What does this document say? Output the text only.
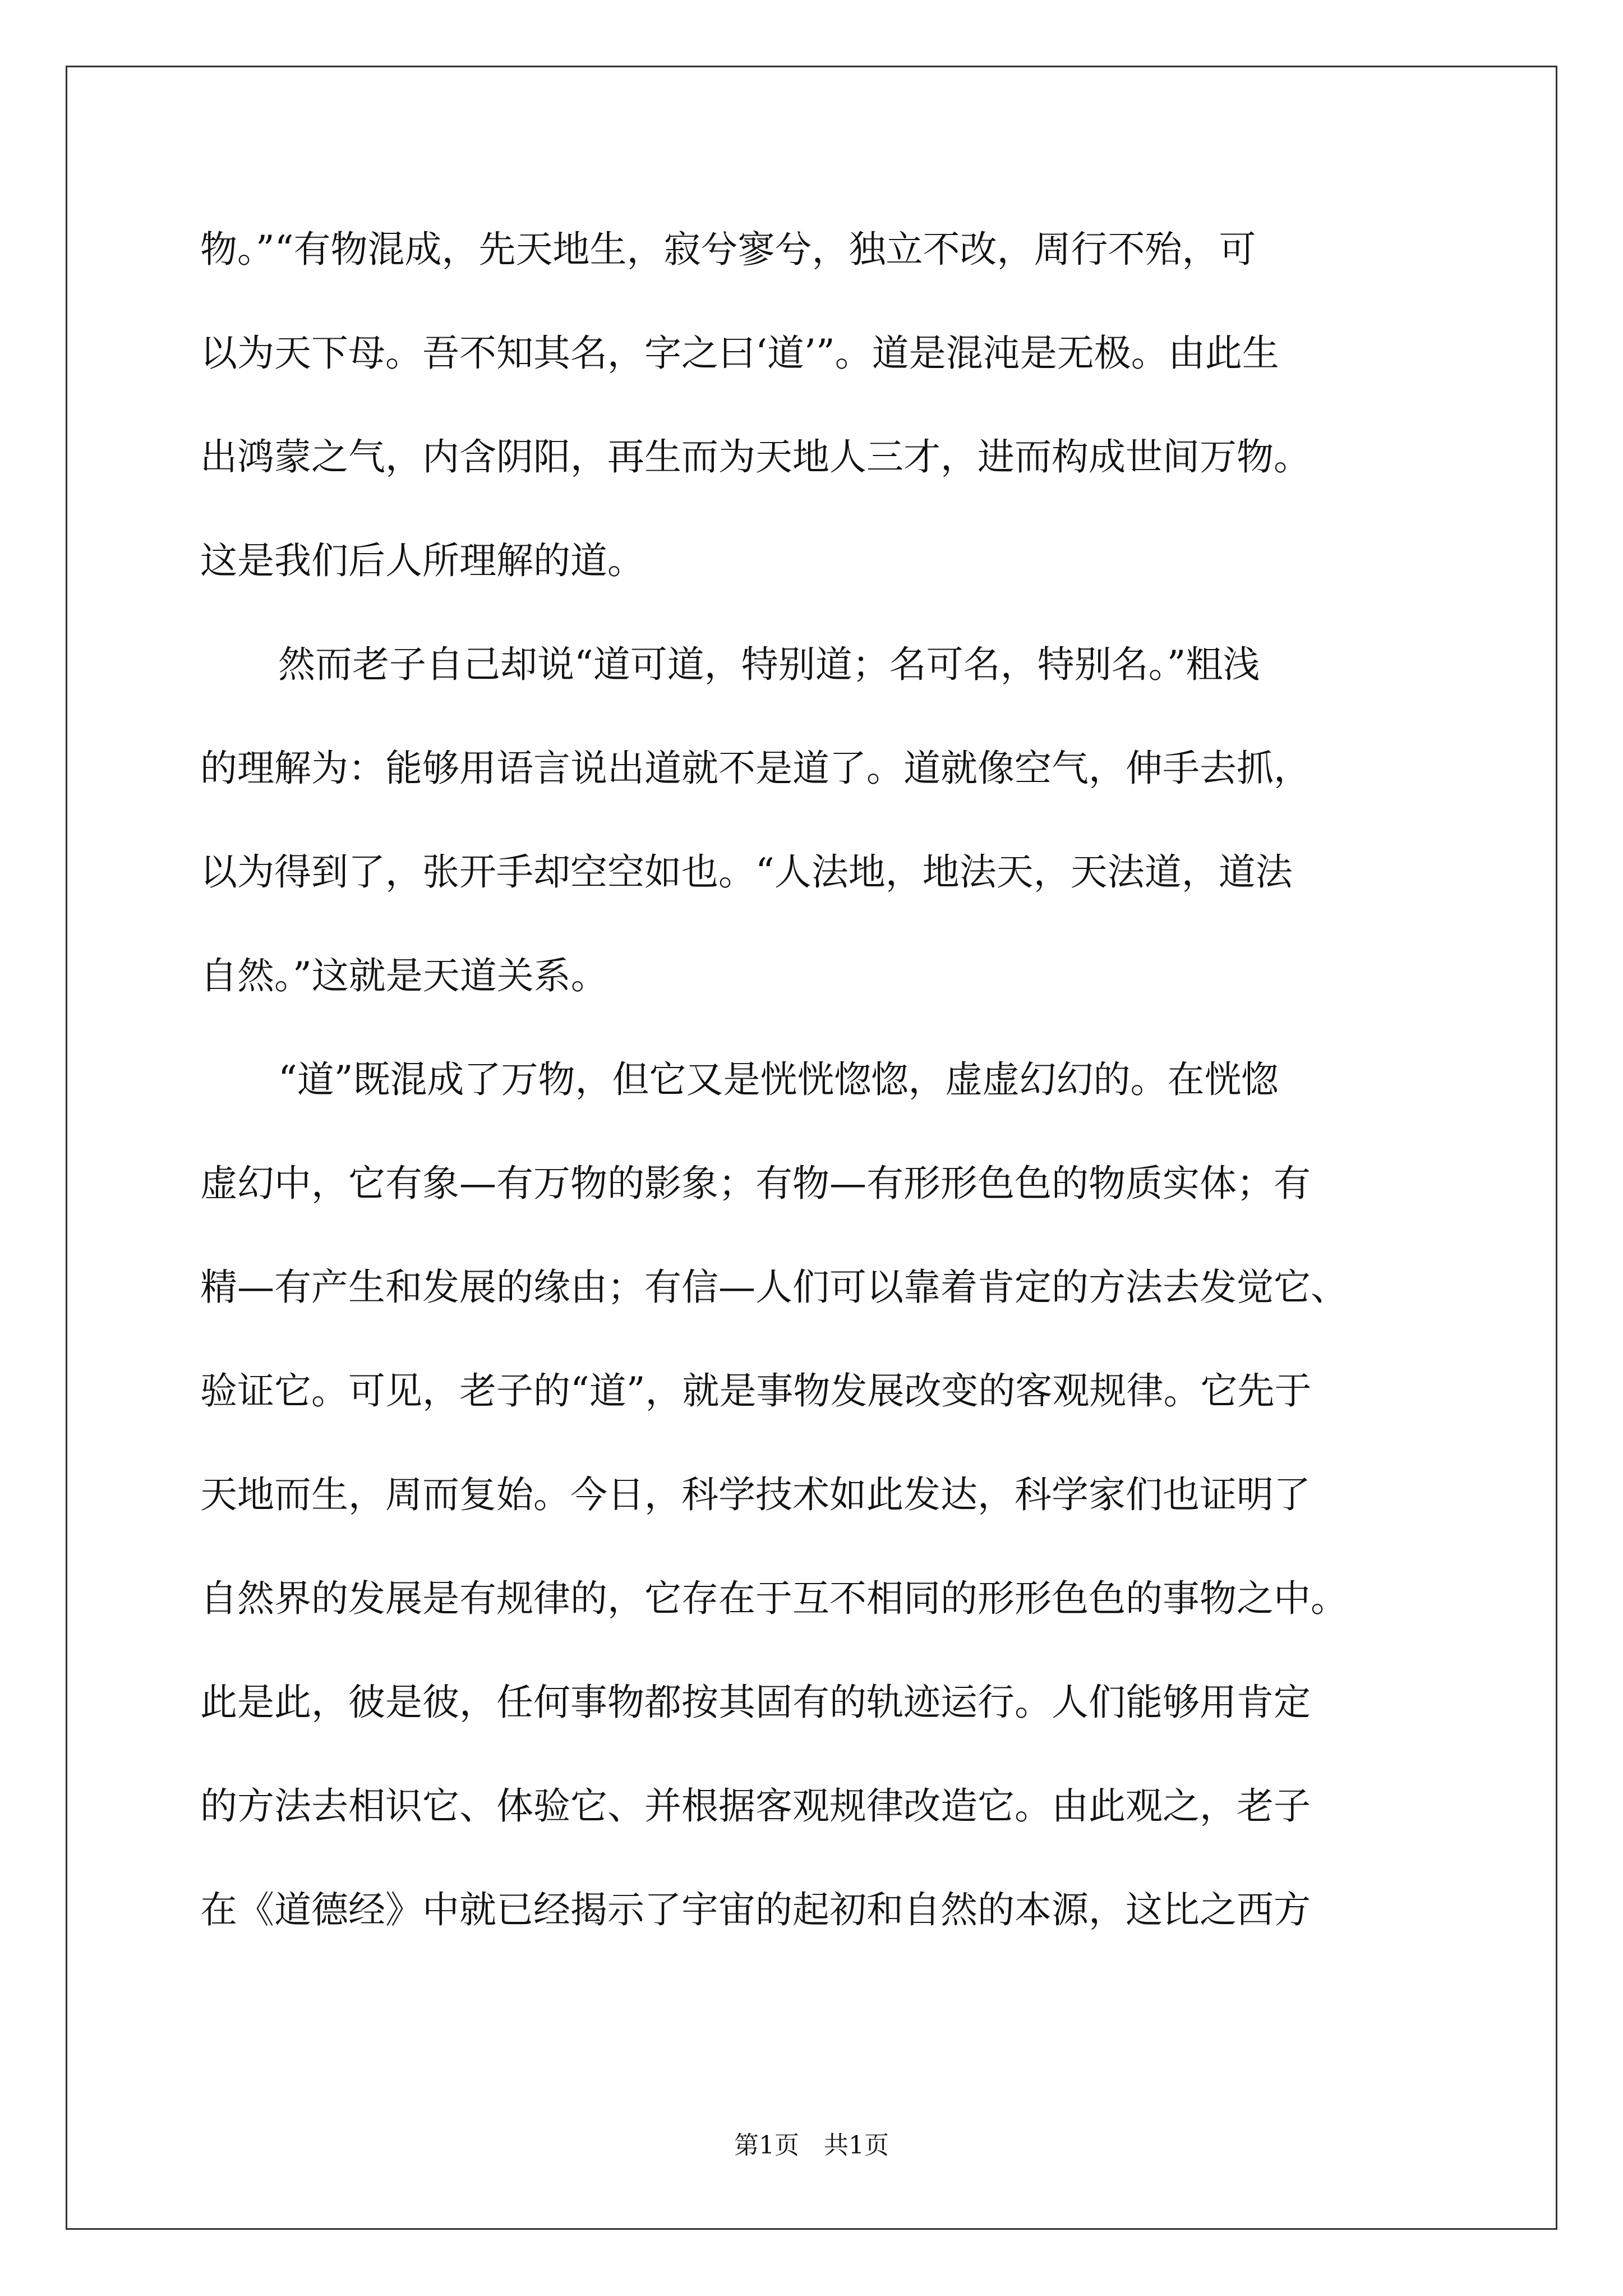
物。”“有物混成，先天地生，寂兮寥兮，独立不改，周行不殆，可

以为天下母。吾不知其名，字之曰‘道’”。道是混沌是无极。由此生

出鸿蒙之气，内含阴阳，再生而为天地人三才，进而构成世间万物。

这是我们后人所理解的道。

然而老子自己却说“道可道，特别道；名可名，特别名。”粗浅

的理解为：能够用语言说出道就不是道了。道就像空气，伸手去抓，

以为得到了，张开手却空空如也。“人法地，地法天，天法道，道法

自然。”这就是天道关系。

“道”既混成了万物，但它又是恍恍惚惚，虚虚幻幻的。在恍惚

虚幻中，它有象—有万物的影象；有物—有形形色色的物质实体；有

精—有产生和发展的缘由；有信—人们可以靠着肯定的方法去发觉它、

验证它。可见，老子的“道”，就是事物发展改变的客观规律。它先于

天地而生，周而复始。今日，科学技术如此发达，科学家们也证明了

自然界的发展是有规律的，它存在于互不相同的形形色色的事物之中。

此是此，彼是彼，任何事物都按其固有的轨迹运行。人们能够用肯定

的方法去相识它、体验它、并根据客观规律改造它。由此观之，老子

在《道德经》中就已经揭示了宇宙的起初和自然的本源，这比之西方

第1页　共1页
